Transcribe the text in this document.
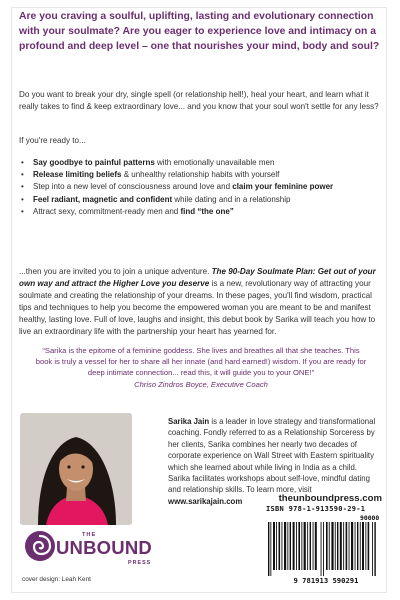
Are you craving a soulful, uplifting, lasting and evolutionary connection with your soulmate? Are you eager to experience love and intimacy on a profound and deep level – one that nourishes your mind, body and soul?
Do you want to break your dry, single spell (or relationship hell!), heal your heart, and learn what it really takes to find & keep extraordinary love... and you know that your soul won't settle for any less?
If you're ready to...
• Say goodbye to painful patterns with emotionally unavailable men
• Release limiting beliefs & unhealthy relationship habits with yourself
• Step into a new level of consciousness around love and claim your feminine power
• Feel radiant, magnetic and confident while dating and in a relationship
• Attract sexy, commitment-ready men and find “the one”
...then you are invited you to join a unique adventure. The 90-Day Soulmate Plan: Get out of your own way and attract the Higher Love you deserve is a new, revolutionary way of attracting your soulmate and creating the relationship of your dreams. In these pages, you'll find wisdom, practical tips and techniques to help you become the empowered woman you are meant to be and manifest healthy, lasting love. Full of love, laughs and insight, this debut book by Sarika will teach you how to live an extraordinary life with the partnership your heart has yearned for.
“Sarika is the epitome of a feminine goddess. She lives and breathes all that she teaches. This book is truly a vessel for her to share all her innate (and hard earned!) wisdom. If you are ready for deep intimate connection... read this, it will guide you to your ONE!”
Chriso Zindros Boyce, Executive Coach
Sarika Jain is a leader in love strategy and transformational coaching. Fondly referred to as a Relationship Sorceress by her clients, Sarika combines her nearly two decades of corporate experience on Wall Street with Eastern spirituality which she learned about while living in India as a child. Sarika facilitates workshops about self-love, mindful dating and relationship skills. To learn more, visit www.sarikajain.com	theunboundpress.com
ISBN 978-1-913590-29-1
90000
9 781913 590291
THE
UNBOUND
PRESS
cover design: Leah Kent
